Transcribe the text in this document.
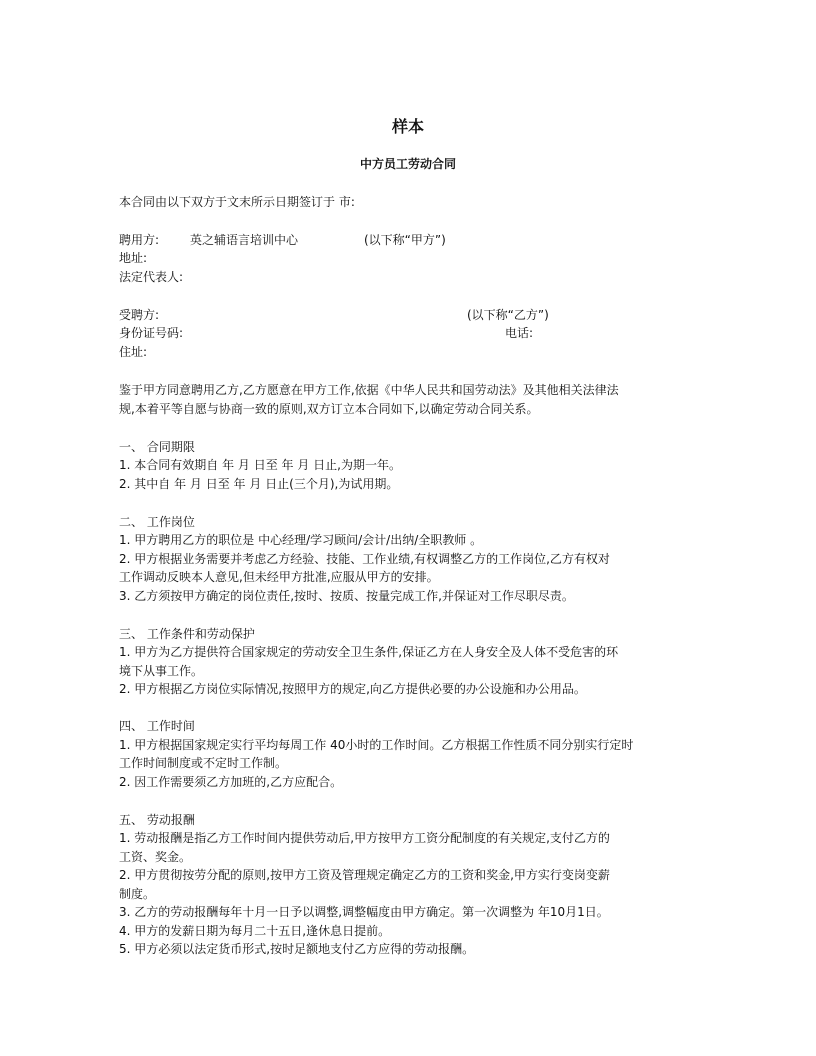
样本
中方员工劳动合同
本合同由以下双方于文末所示日期签订于 市:
聘用方:	英之辅语言培训中心	(以下称“甲方”)
地址:
法定代表人:
受聘方:	(以下称“乙方”)
身份证号码:	电话:
住址:
鉴于甲方同意聘用乙方,乙方愿意在甲方工作,依据《中华人民共和国劳动法》及其他相关法律法
规,本着平等自愿与协商一致的原则,双方订立本合同如下,以确定劳动合同关系。
一、 合同期限
1. 本合同有效期自 年 月 日至 年 月 日止,为期一年。
2. 其中自 年 月 日至 年 月 日止(三个月),为试用期。
二、 工作岗位
1. 甲方聘用乙方的职位是 中心经理/学习顾问/会计/出纳/全职教师 。
2. 甲方根据业务需要并考虑乙方经验、技能、工作业绩,有权调整乙方的工作岗位,乙方有权对
工作调动反映本人意见,但未经甲方批准,应服从甲方的安排。
3. 乙方须按甲方确定的岗位责任,按时、按质、按量完成工作,并保证对工作尽职尽责。
三、 工作条件和劳动保护
1. 甲方为乙方提供符合国家规定的劳动安全卫生条件,保证乙方在人身安全及人体不受危害的环
境下从事工作。
2. 甲方根据乙方岗位实际情况,按照甲方的规定,向乙方提供必要的办公设施和办公用品。
四、 工作时间
1. 甲方根据国家规定实行平均每周工作 40小时的工作时间。乙方根据工作性质不同分别实行定时
工作时间制度或不定时工作制。
2. 因工作需要须乙方加班的,乙方应配合。
五、 劳动报酬
1. 劳动报酬是指乙方工作时间内提供劳动后,甲方按甲方工资分配制度的有关规定,支付乙方的
工资、奖金。
2. 甲方贯彻按劳分配的原则,按甲方工资及管理规定确定乙方的工资和奖金,甲方实行变岗变薪
制度。
3. 乙方的劳动报酬每年十月一日予以调整,调整幅度由甲方确定。第一次调整为 年10月1日。
4. 甲方的发薪日期为每月二十五日,逢休息日提前。
5. 甲方必须以法定货币形式,按时足额地支付乙方应得的劳动报酬。
